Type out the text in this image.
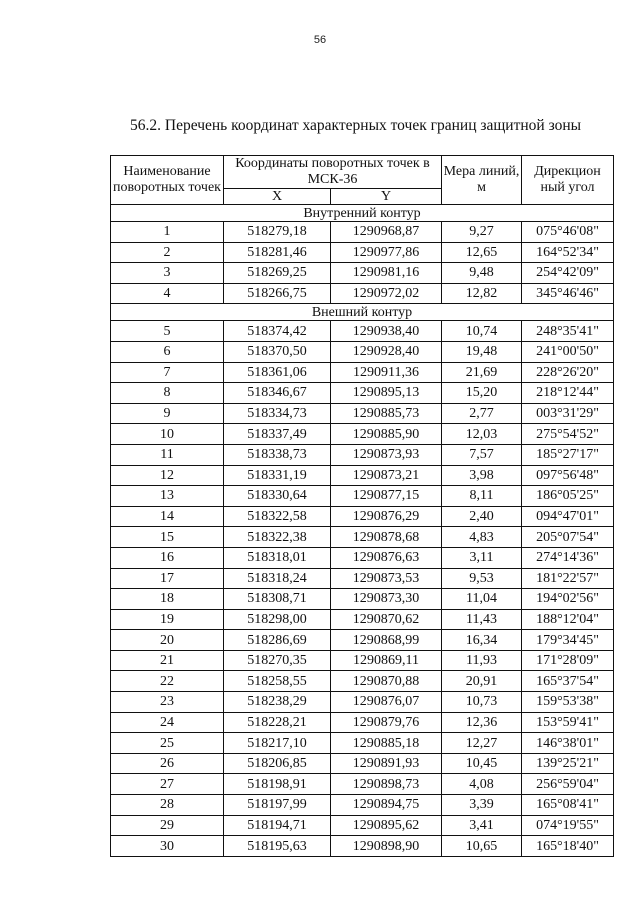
56
56.2. Перечень координат характерных точек границ защитной зоны
Наименование поворотных точек	Координаты поворотных точек в МСК-36		Мера линий, м	Дирекцион ный угол
	X	Y		
Внутренний контур				
1	518279,18	1290968,87	9,27	075°46'08"
2	518281,46	1290977,86	12,65	164°52'34"
3	518269,25	1290981,16	9,48	254°42'09"
4	518266,75	1290972,02	12,82	345°46'46"
Внешний контур				
5	518374,42	1290938,40	10,74	248°35'41"
6	518370,50	1290928,40	19,48	241°00'50"
7	518361,06	1290911,36	21,69	228°26'20"
8	518346,67	1290895,13	15,20	218°12'44"
9	518334,73	1290885,73	2,77	003°31'29"
10	518337,49	1290885,90	12,03	275°54'52"
11	518338,73	1290873,93	7,57	185°27'17"
12	518331,19	1290873,21	3,98	097°56'48"
13	518330,64	1290877,15	8,11	186°05'25"
14	518322,58	1290876,29	2,40	094°47'01"
15	518322,38	1290878,68	4,83	205°07'54"
16	518318,01	1290876,63	3,11	274°14'36"
17	518318,24	1290873,53	9,53	181°22'57"
18	518308,71	1290873,30	11,04	194°02'56"
19	518298,00	1290870,62	11,43	188°12'04"
20	518286,69	1290868,99	16,34	179°34'45"
21	518270,35	1290869,11	11,93	171°28'09"
22	518258,55	1290870,88	20,91	165°37'54"
23	518238,29	1290876,07	10,73	159°53'38"
24	518228,21	1290879,76	12,36	153°59'41"
25	518217,10	1290885,18	12,27	146°38'01"
26	518206,85	1290891,93	10,45	139°25'21"
27	518198,91	1290898,73	4,08	256°59'04"
28	518197,99	1290894,75	3,39	165°08'41"
29	518194,71	1290895,62	3,41	074°19'55"
30	518195,63	1290898,90	10,65	165°18'40"
